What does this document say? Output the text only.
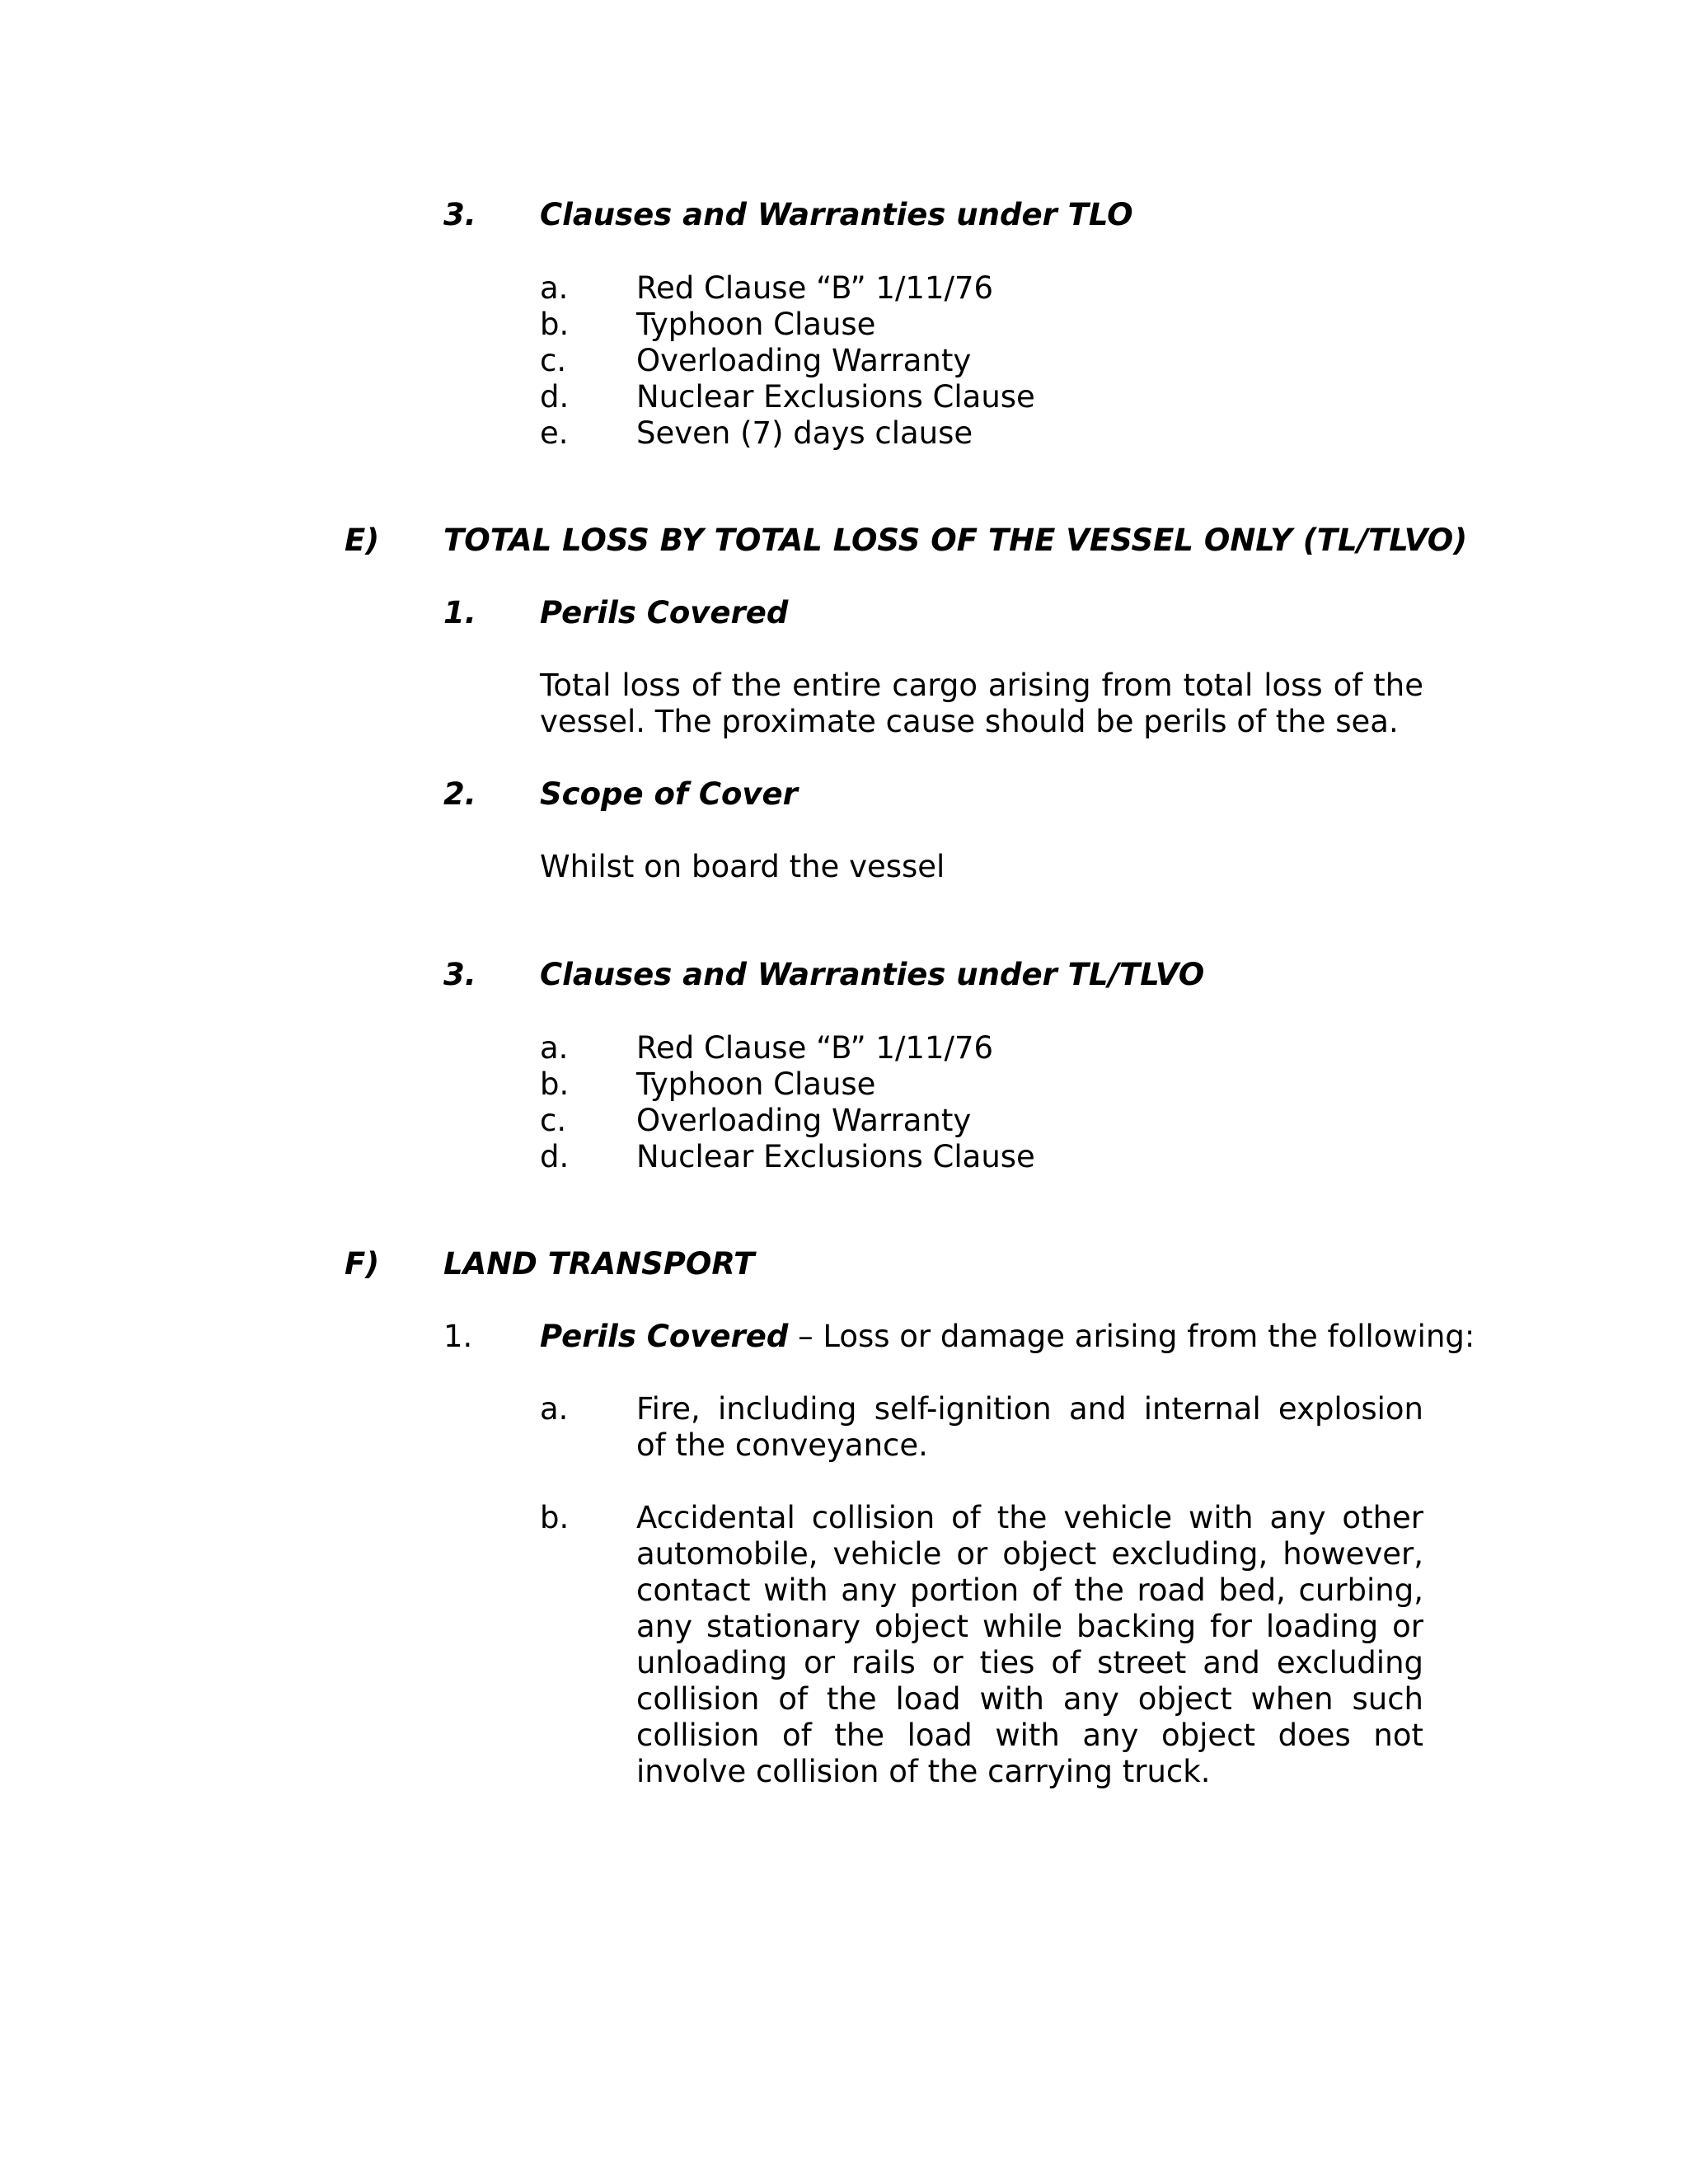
3. Clauses and Warranties under TLO
a. Red Clause “B” 1/11/76
b. Typhoon Clause
c. Overloading Warranty
d. Nuclear Exclusions Clause
e. Seven (7) days clause
E) TOTAL LOSS BY TOTAL LOSS OF THE VESSEL ONLY (TL/TLVO)
1. Perils Covered
Total loss of the entire cargo arising from total loss of the vessel. The proximate cause should be perils of the sea.
2. Scope of Cover
Whilst on board the vessel
3. Clauses and Warranties under TL/TLVO
a. Red Clause “B” 1/11/76
b. Typhoon Clause
c. Overloading Warranty
d. Nuclear Exclusions Clause
F) LAND TRANSPORT
1. Perils Covered – Loss or damage arising from the following:
a. Fire, including self-ignition and internal explosion of the conveyance.
b. Accidental collision of the vehicle with any other automobile, vehicle or object excluding, however, contact with any portion of the road bed, curbing, any stationary object while backing for loading or unloading or rails or ties of street and excluding collision of the load with any object when such collision of the load with any object does not involve collision of the carrying truck.
